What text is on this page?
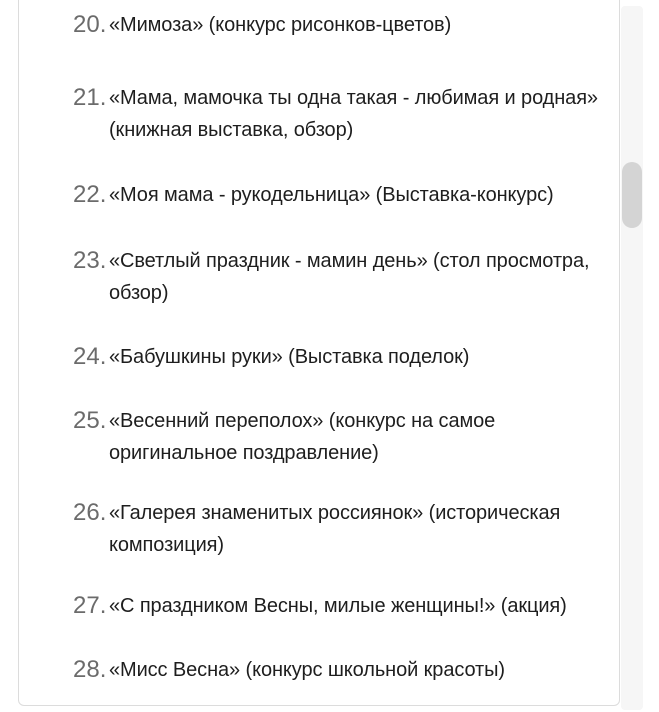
20. «Мимоза» (конкурс рисонков-цветов)
21. «Мама, мамочка ты одна такая - любимая и родная» (книжная выставка, обзор)
22. «Моя мама - рукодельница» (Выставка-конкурс)
23. «Светлый праздник - мамин день» (стол просмотра, обзор)
24. «Бабушкины руки» (Выставка поделок)
25. «Весенний переполох» (конкурс на самое оригинальное поздравление)
26. «Галерея знаменитых россиянок» (историческая композиция)
27. «С праздником Весны, милые женщины!» (акция)
28. «Мисс Весна» (конкурс школьной красоты)
